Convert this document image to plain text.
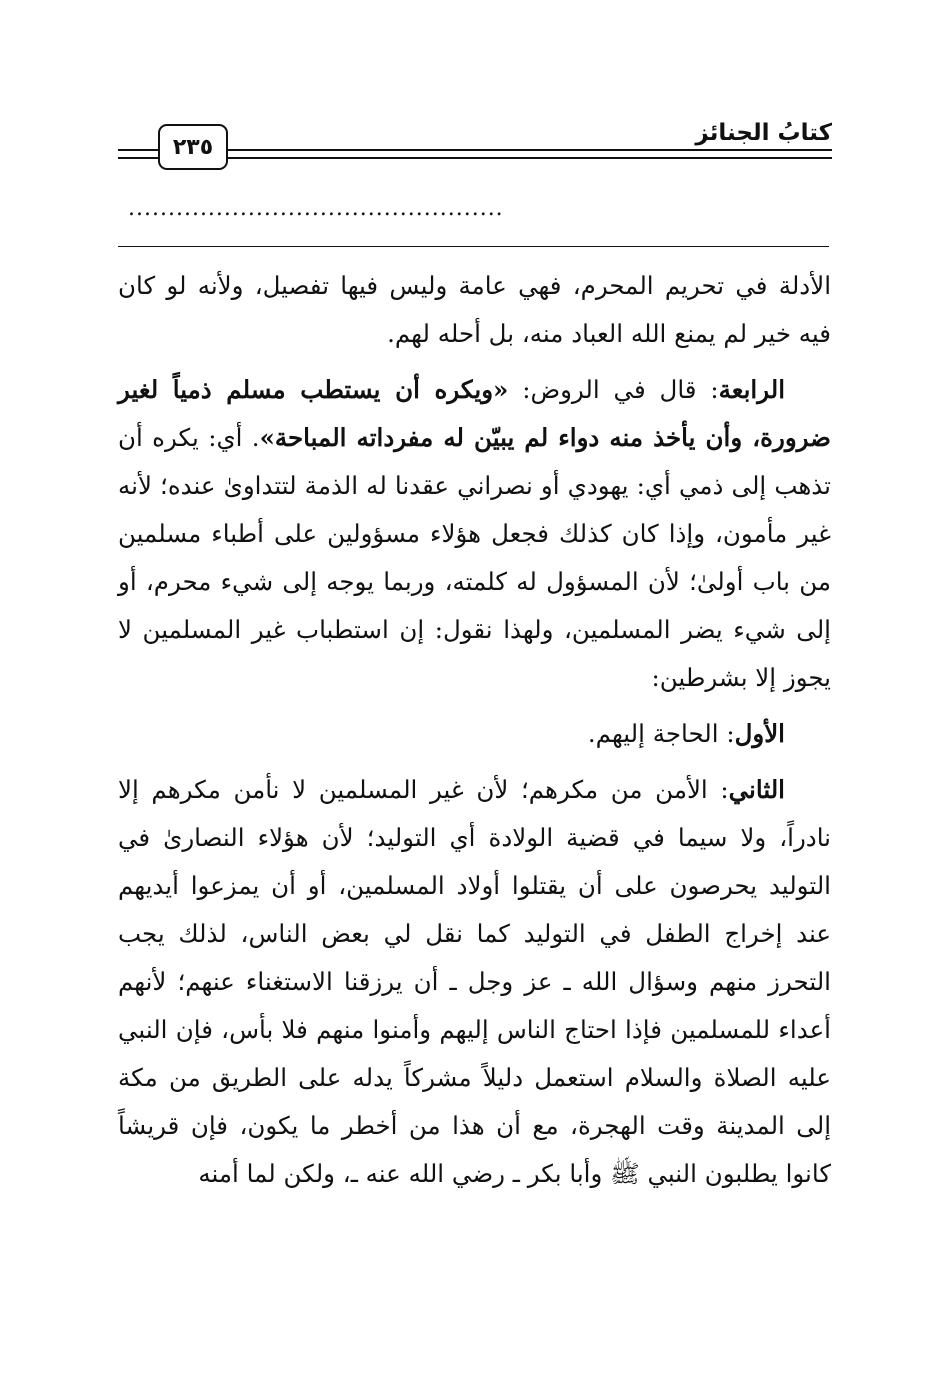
كتابُ الجنائز
٢٣٥
...............................................

الأدلة في تحريم المحرم، فهي عامة وليس فيها تفصيل، ولأنه لو كان فيه خير لم يمنع الله العباد منه، بل أحله لهم.

الرابعة: قال في الروض: «ويكره أن يستطب مسلم ذمياً لغير ضرورة، وأن يأخذ منه دواء لم يبيّن له مفرداته المباحة». أي: يكره أن تذهب إلى ذمي أي: يهودي أو نصراني عقدنا له الذمة لتتداوىٰ عنده؛ لأنه غير مأمون، وإذا كان كذلك فجعل هؤلاء مسؤولين على أطباء مسلمين من باب أولىٰ؛ لأن المسؤول له كلمته، وربما يوجه إلى شيء محرم، أو إلى شيء يضر المسلمين، ولهذا نقول: إن استطباب غير المسلمين لا يجوز إلا بشرطين:

الأول: الحاجة إليهم.

الثاني: الأمن من مكرهم؛ لأن غير المسلمين لا نأمن مكرهم إلا نادراً، ولا سيما في قضية الولادة أي التوليد؛ لأن هؤلاء النصارىٰ في التوليد يحرصون على أن يقتلوا أولاد المسلمين، أو أن يمزعوا أيديهم عند إخراج الطفل في التوليد كما نقل لي بعض الناس، لذلك يجب التحرز منهم وسؤال الله ـ عز وجل ـ أن يرزقنا الاستغناء عنهم؛ لأنهم أعداء للمسلمين فإذا احتاج الناس إليهم وأمنوا منهم فلا بأس، فإن النبي عليه الصلاة والسلام استعمل دليلاً مشركاً يدله على الطريق من مكة إلى المدينة وقت الهجرة، مع أن هذا من أخطر ما يكون، فإن قريشاً كانوا يطلبون النبي ﷺ وأبا بكر ـ رضي الله عنه ـ، ولكن لما أمنه
